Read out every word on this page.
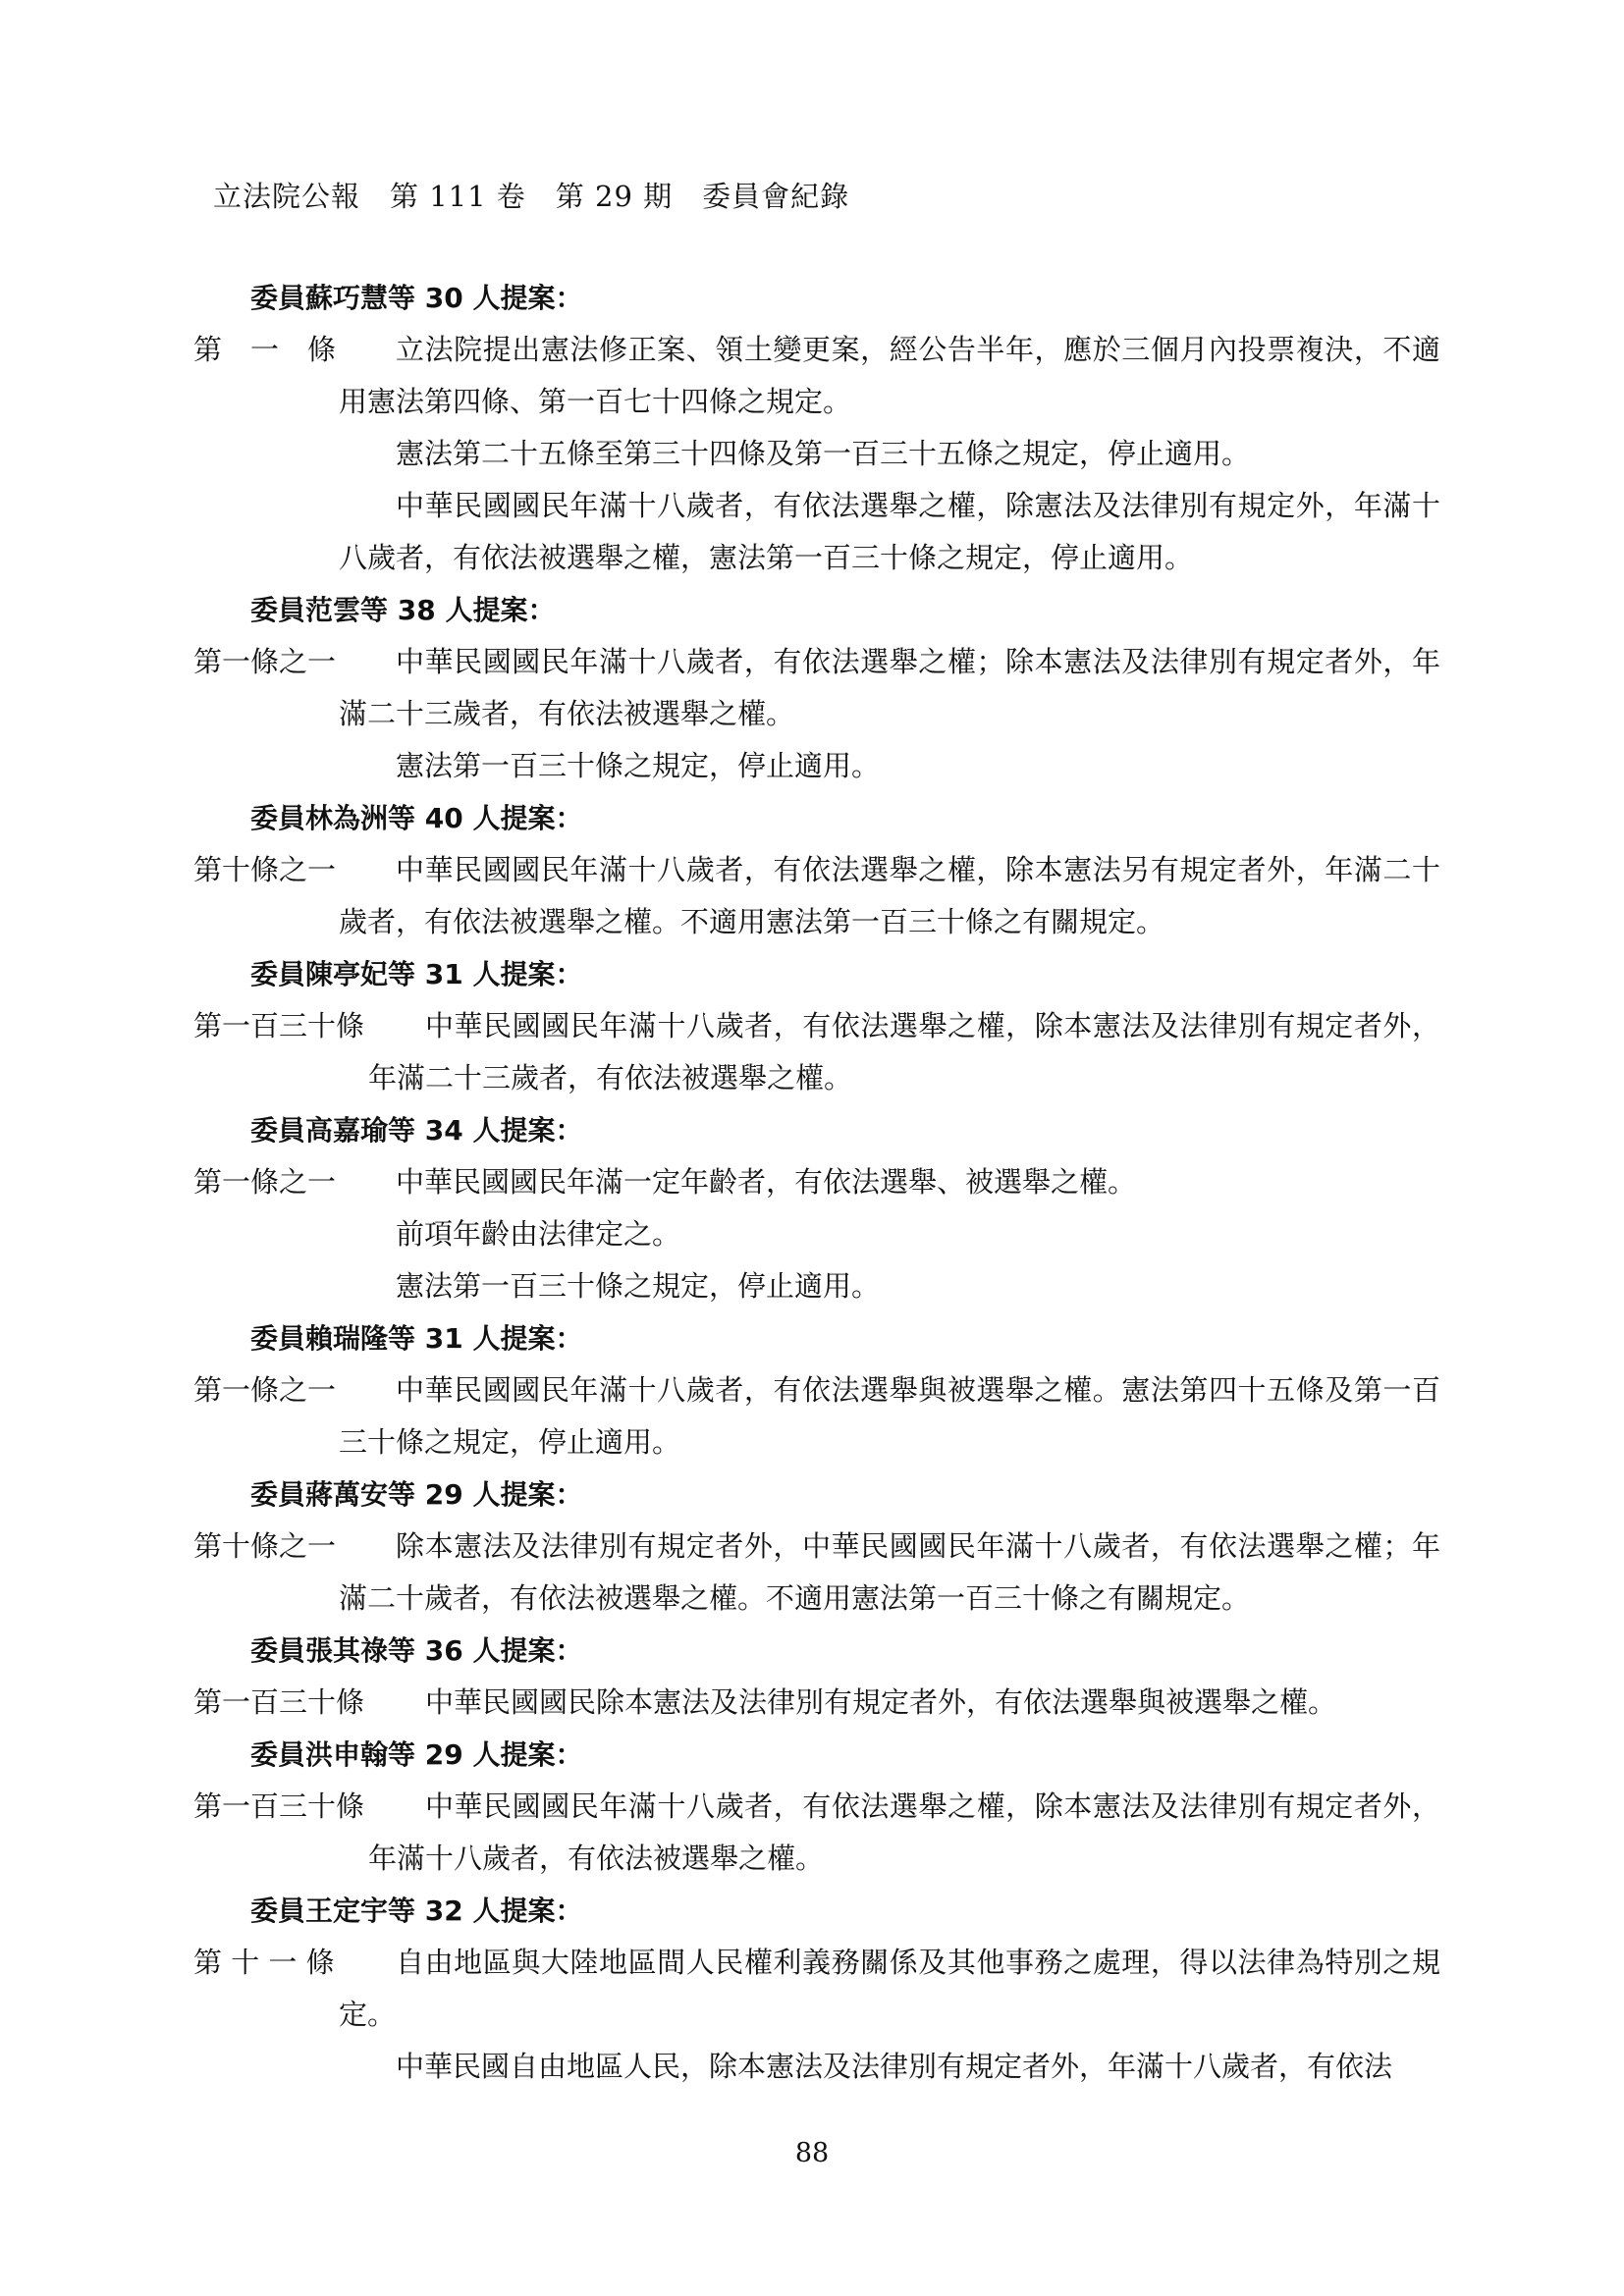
立法院公報　第 111 卷　第 29 期　委員會紀錄
委員蘇巧慧等 30 人提案：
第　一　條	立法院提出憲法修正案、領土變更案，經公告半年，應於三個月內投票複決，不適用憲法第四條、第一百七十四條之規定。
憲法第二十五條至第三十四條及第一百三十五條之規定，停止適用。
中華民國國民年滿十八歲者，有依法選舉之權，除憲法及法律別有規定外，年滿十八歲者，有依法被選舉之權，憲法第一百三十條之規定，停止適用。
委員范雲等 38 人提案：
第一條之一	中華民國國民年滿十八歲者，有依法選舉之權；除本憲法及法律別有規定者外，年滿二十三歲者，有依法被選舉之權。
憲法第一百三十條之規定，停止適用。
委員林為洲等 40 人提案：
第十條之一	中華民國國民年滿十八歲者，有依法選舉之權，除本憲法另有規定者外，年滿二十歲者，有依法被選舉之權。不適用憲法第一百三十條之有關規定。
委員陳亭妃等 31 人提案：
第一百三十條	中華民國國民年滿十八歲者，有依法選舉之權，除本憲法及法律別有規定者外，年滿二十三歲者，有依法被選舉之權。
委員高嘉瑜等 34 人提案：
第一條之一	中華民國國民年滿一定年齡者，有依法選舉、被選舉之權。
前項年齡由法律定之。
憲法第一百三十條之規定，停止適用。
委員賴瑞隆等 31 人提案：
第一條之一	中華民國國民年滿十八歲者，有依法選舉與被選舉之權。憲法第四十五條及第一百三十條之規定，停止適用。
委員蔣萬安等 29 人提案：
第十條之一	除本憲法及法律別有規定者外，中華民國國民年滿十八歲者，有依法選舉之權；年滿二十歲者，有依法被選舉之權。不適用憲法第一百三十條之有關規定。
委員張其祿等 36 人提案：
第一百三十條	中華民國國民除本憲法及法律別有規定者外，有依法選舉與被選舉之權。
委員洪申翰等 29 人提案：
第一百三十條	中華民國國民年滿十八歲者，有依法選舉之權，除本憲法及法律別有規定者外，年滿十八歲者，有依法被選舉之權。
委員王定宇等 32 人提案：
第 十 一 條	自由地區與大陸地區間人民權利義務關係及其他事務之處理，得以法律為特別之規定。
中華民國自由地區人民，除本憲法及法律別有規定者外，年滿十八歲者，有依法
88
